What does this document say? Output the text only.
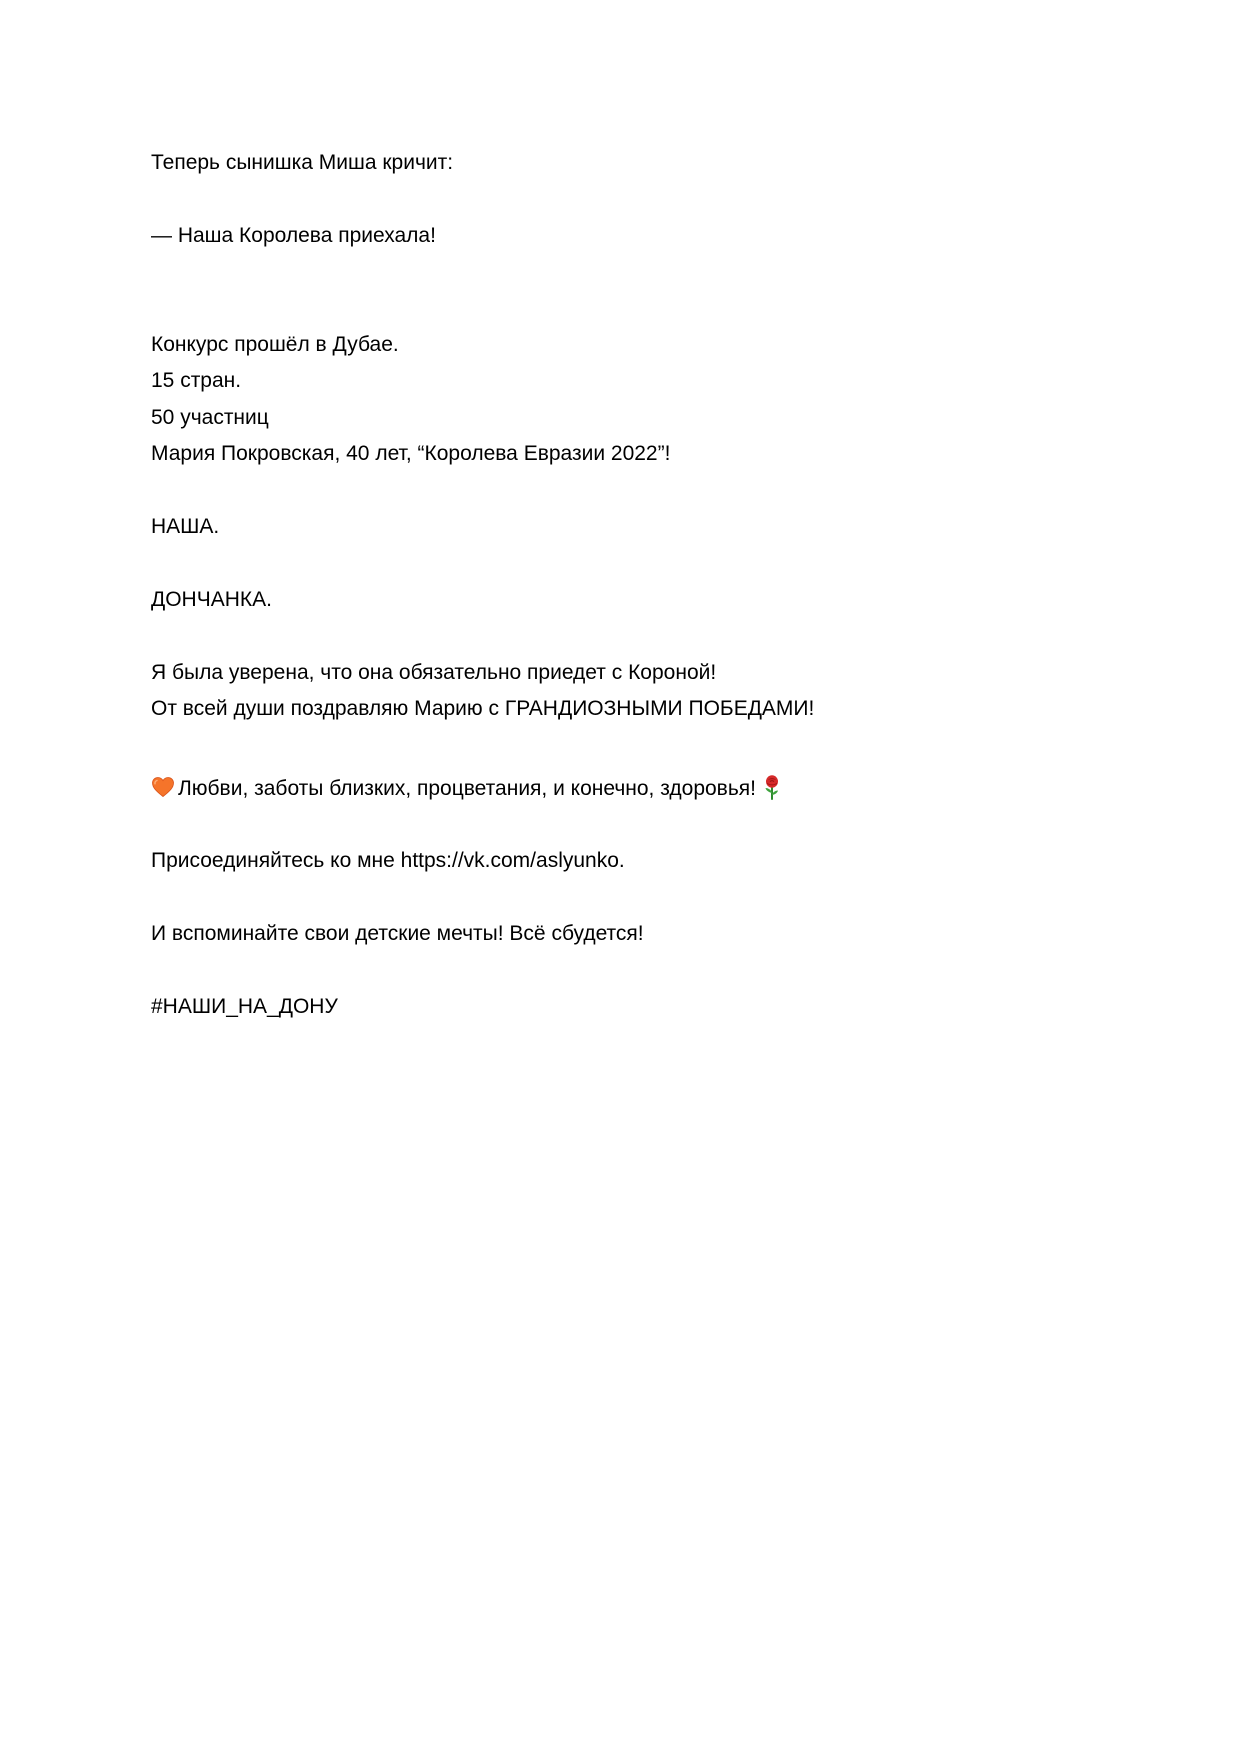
Теперь сынишка Миша кричит:
— Наша Королева приехала!
Конкурс прошёл в Дубае.
15 стран.
50 участниц
Мария Покровская, 40 лет, “Королева Евразии 2022”!
НАША.
ДОНЧАНКА.
Я была уверена, что она обязательно приедет с Короной!
От всей души поздравляю Марию с ГРАНДИОЗНЫМИ ПОБЕДАМИ!
Любви, заботы близких, процветания, и конечно, здоровья!
Присоединяйтесь ко мне https://vk.com/aslyunko.
И вспоминайте свои детские мечты! Всё сбудется!
#НАШИ_НА_ДОНУ
